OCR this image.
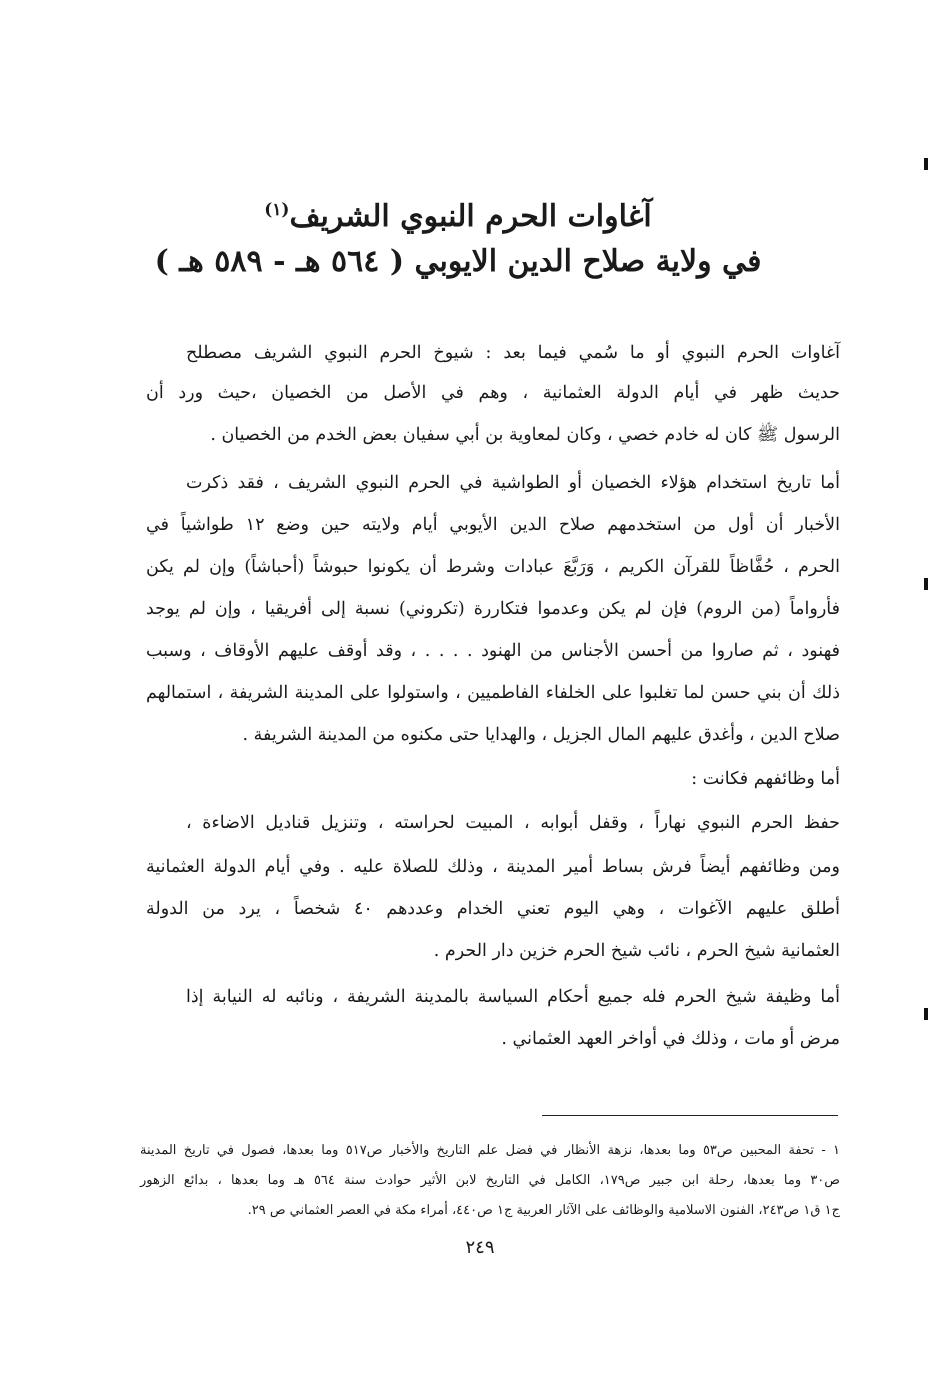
آغاوات الحرم النبوي الشريف$^{(١)}$
في ولاية صلاح الدين الايوبي ( ٥٦٤ هـ - ٥٨٩ هـ )
آغاوات الحرم النبوي أو ما سُمي فيما بعد : شيوخ الحرم النبوي الشريف مصطلح
حديث ظهر في أيام الدولة العثمانية ، وهم في الأصل من الخصيان ،حيث ورد أن
الرسول ﷺ كان له خادم خصي ، وكان لمعاوية بن أبي سفيان بعض الخدم من الخصيان .
أما تاريخ استخدام هؤلاء الخصيان أو الطواشية في الحرم النبوي الشريف ، فقد ذكرت
الأخبار أن أول من استخدمهم صلاح الدين الأيوبي أيام ولايته حين وضع ١٢ طواشياً في
الحرم ، حُفَّاظاً للقرآن الكريم ، وَرَبَّعَ عبادات وشرط أن يكونوا حبوشاً (أحباشاً) وإن لم يكن
فأرواماً (من الروم) فإن لم يكن وعدموا فتكاررة (تكروني) نسبة إلى أفريقيا ، وإن لم يوجد
فهنود ، ثم صاروا من أحسن الأجناس من الهنود . . . . ، وقد أوقف عليهم الأوقاف ، وسبب
ذلك أن بني حسن لما تغلبوا على الخلفاء الفاطميين ، واستولوا على المدينة الشريفة ، استمالهم
صلاح الدين ، وأغدق عليهم المال الجزيل ، والهدايا حتى مكنوه من المدينة الشريفة .
أما وظائفهم فكانت :
حفظ الحرم النبوي نهاراً ، وقفل أبوابه ، المبيت لحراسته ، وتنزيل قناديل الاضاءة ،
ومن وظائفهم أيضاً فرش بساط أمير المدينة ، وذلك للصلاة عليه . وفي أيام الدولة العثمانية
أطلق عليهم الآغوات ، وهي اليوم تعني الخدام وعددهم ٤٠ شخصاً ، يرد من الدولة
العثمانية شيخ الحرم ، نائب شيخ الحرم خزين دار الحرم .
أما وظيفة شيخ الحرم فله جميع أحكام السياسة بالمدينة الشريفة ، ونائبه له النيابة إذا
مرض أو مات ، وذلك في أواخر العهد العثماني .
١ - تحفة المحبين ص٥٣ وما بعدها، نزهة الأنظار في فضل علم التاريخ والأخبار ص٥١٧ وما بعدها، فصول في تاريخ المدينة
ص٣٠ وما بعدها، رحلة ابن جبير ص١٧٩، الكامل في التاريخ لابن الأثير حوادث سنة ٥٦٤ هـ وما بعدها ، بدائع الزهور
ج١ ق١ ص٢٤٣، الفنون الاسلامية والوظائف على الآثار العربية ج١ ص٤٤٠، أمراء مكة في العصر العثماني ص ٢٩.
٢٤٩
